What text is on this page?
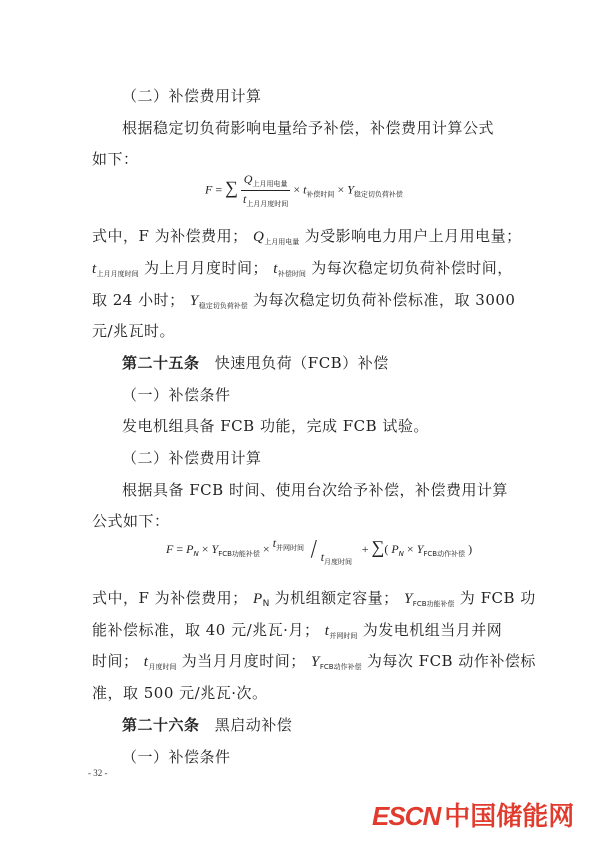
（二）补偿费用计算
根据稳定切负荷影响电量给予补偿，补偿费用计算公式
如下：
F = ∑ $\frac{Q_{上月用电量}}{t_{上月月度时间}} \times t_{补偿时间} \times Y_{稳定切负荷补偿}$
式中，F 为补偿费用； $Q_{上月用电量}$ 为受影响电力用户上月用电量；
$t_{上月月度时间}$ 为上月月度时间； $t_{补偿时间}$ 为每次稳定切负荷补偿时间，
取 24 小时； $Y_{稳定切负荷补偿}$ 为每次稳定切负荷补偿标准，取 3000
元/兆瓦时。
第二十五条 快速甩负荷（FCB）补偿
（一）补偿条件
发电机组具备 FCB 功能，完成 FCB 试验。
（二）补偿费用计算
根据具备 FCB 时间、使用台次给予补偿，补偿费用计算
公式如下：
$F = P_N \times Y_{FCB功能补偿} \times t_{并网时间} / t_{月度时间}$
+ ∑( $P_N \times Y_{FCB动作补偿}$ )
式中，F 为补偿费用； $P_N$ 为机组额定容量； $Y_{FCB功能补偿}$ 为 FCB 功
能补偿标准，取 40 元/兆瓦·月； $t_{并网时间}$ 为发电机组当月并网
时间； $t_{月度时间}$ 为当月月度时间； $Y_{FCB动作补偿}$ 为每次 FCB 动作补偿标
准，取 500 元/兆瓦·次。
第二十六条 黑启动补偿
（一）补偿条件
- 32 -
ESCN 中国储能网
